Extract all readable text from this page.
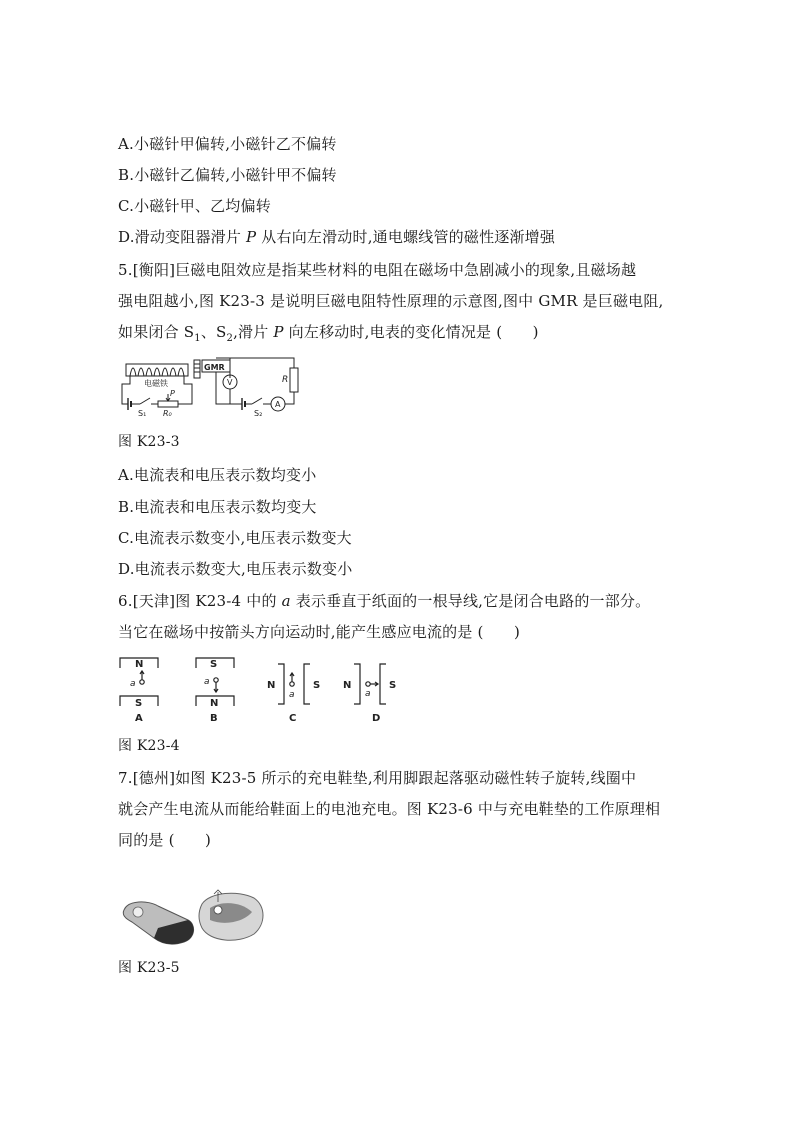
A.小磁针甲偏转,小磁针乙不偏转
B.小磁针乙偏转,小磁针甲不偏转
C.小磁针甲、乙均偏转
D.滑动变阻器滑片 P 从右向左滑动时,通电螺线管的磁性逐渐增强
5.[衡阳]巨磁电阻效应是指某些材料的电阻在磁场中急剧减小的现象,且磁场越
强电阻越小,图 K23-3 是说明巨磁电阻特性原理的示意图,图中 GMR 是巨磁电阻,
如果闭合 $S_1$、$S_2$,滑片 P 向左移动时,电表的变化情况是 (　　)
电磁铁
GMR
V
A
R
S₁	S₂
R₀
P
图 K23-3
A.电流表和电压表示数均变小
B.电流表和电压表示数均变大
C.电流表示数变小,电压表示数变大
D.电流表示数变大,电压表示数变小
6.[天津]图 K23-4 中的 a 表示垂直于纸面的一根导线,它是闭合电路的一部分。
当它在磁场中按箭头方向运动时,能产生感应电流的是 (　　)
N
S
a
A
S
N
a
B
N	S
a
C
N	S
a
D
图 K23-4
7.[德州]如图 K23-5 所示的充电鞋垫,利用脚跟起落驱动磁性转子旋转,线圈中
就会产生电流从而能给鞋面上的电池充电。图 K23-6 中与充电鞋垫的工作原理相
同的是 (　　)
图 K23-5
